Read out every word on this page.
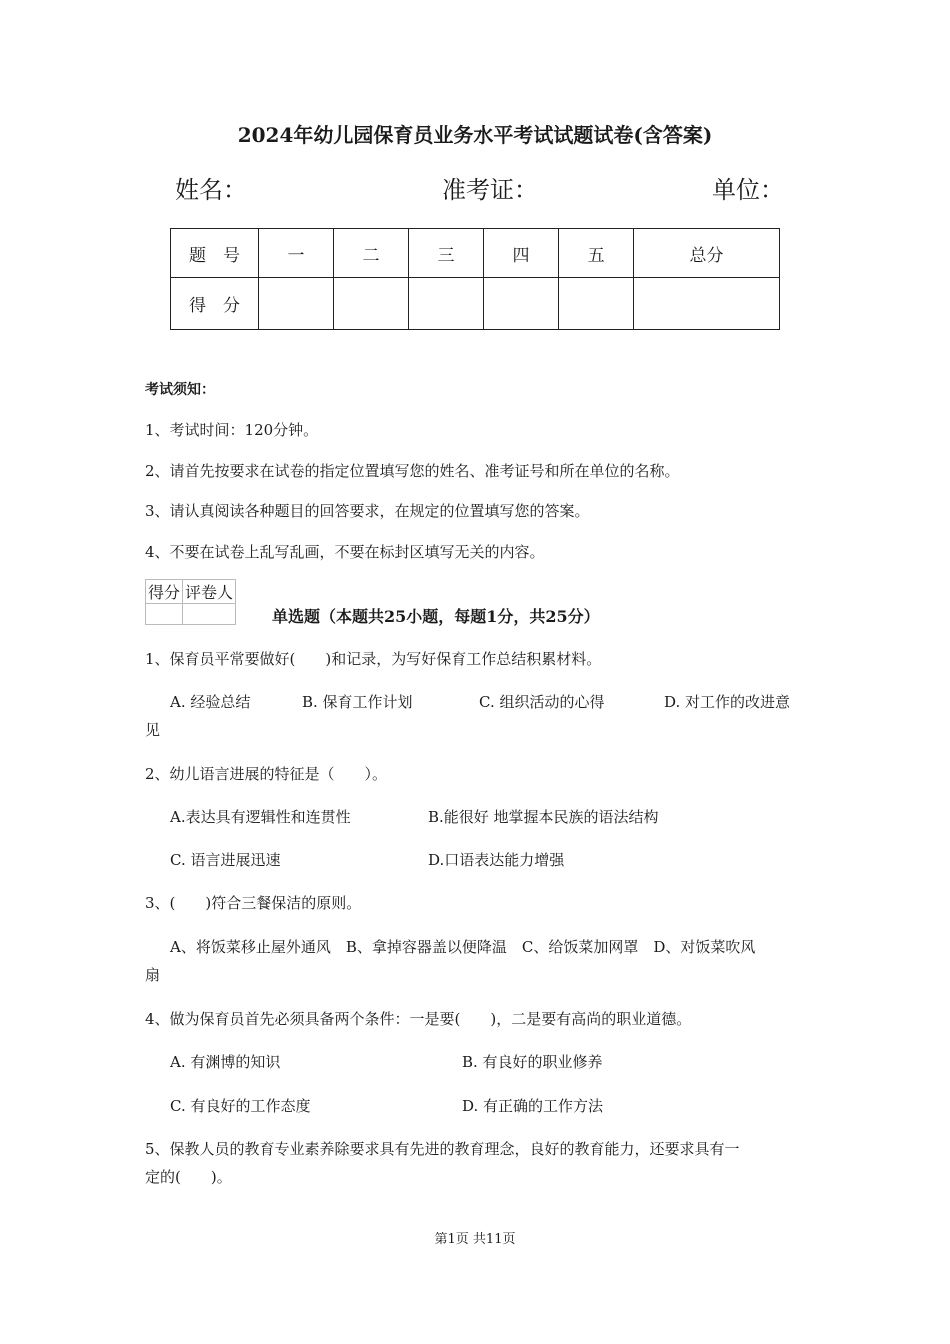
2024年幼儿园保育员业务水平考试试题试卷(含答案)
姓名：	准考证：	单位：
题　号	一	二	三	四	五	总分
得　分						
考试须知：
1、考试时间：120分钟。
2、请首先按要求在试卷的指定位置填写您的姓名、准考证号和所在单位的名称。
3、请认真阅读各种题目的回答要求，在规定的位置填写您的答案。
4、不要在试卷上乱写乱画，不要在标封区填写无关的内容。
得分	评卷人

单选题（本题共25小题，每题1分，共25分）
1、保育员平常要做好(　　)和记录，为写好保育工作总结积累材料。
A. 经验总结	B. 保育工作计划	C. 组织活动的心得	D. 对工作的改进意
见
2、幼儿语言进展的特征是（　　）。
A.表达具有逻辑性和连贯性	B.能很好 地掌握本民族的语法结构
C. 语言进展迅速	D.口语表达能力增强
3、(　　)符合三餐保洁的原则。
A、将饭菜移止屋外通风　B、拿掉容器盖以便降温　C、给饭菜加网罩　D、对饭菜吹风
扇
4、做为保育员首先必须具备两个条件：一是要(　　)，二是要有高尚的职业道德。
A. 有渊博的知识	B. 有良好的职业修养
C. 有良好的工作态度	D. 有正确的工作方法
5、保教人员的教育专业素养除要求具有先进的教育理念，良好的教育能力，还要求具有一
定的(　　)。
第1页 共11页
